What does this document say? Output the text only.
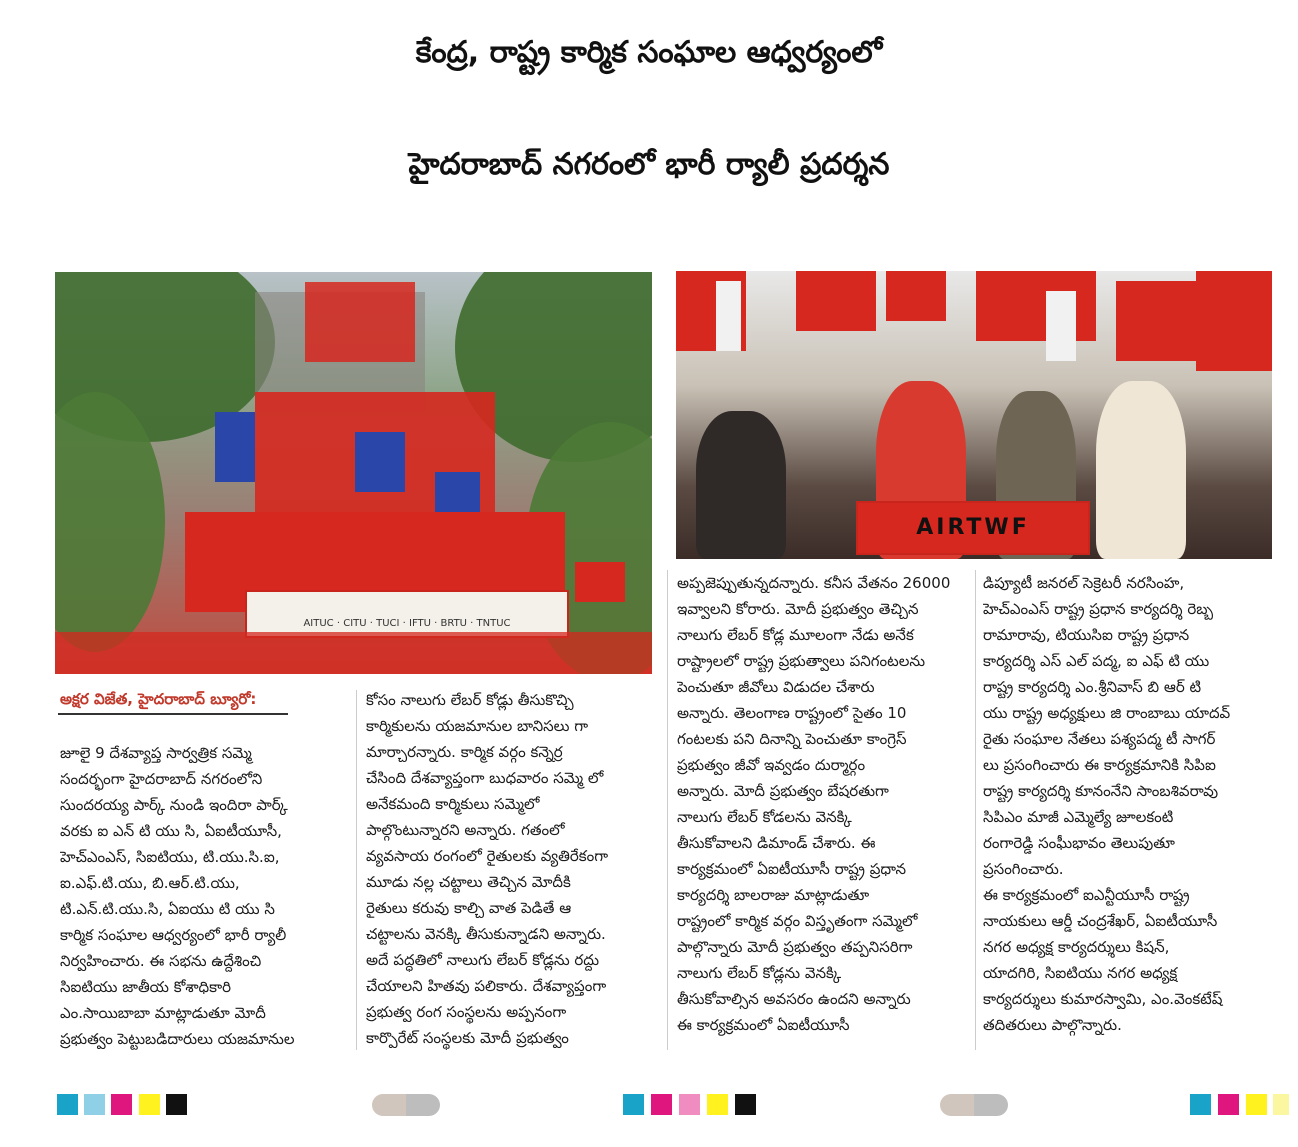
కేంద్ర, రాష్ట్ర కార్మిక సంఘాల ఆధ్వర్యంలో
హైదరాబాద్ నగరంలో భారీ ర్యాలీ ప్రదర్శన
AITUC · CITU · TUCI · IFTU · BRTU · TNTUC
AIRTWF
అక్షర విజేత, హైదరాబాద్ బ్యూరో:
జూలై 9 దేశవ్యాప్త సార్వత్రిక సమ్మె
సందర్భంగా హైదరాబాద్ నగరంలోని
సుందరయ్య పార్క్ నుండి ఇందిరా పార్క్
వరకు ఐ ఎన్ టి యు సి, ఏఐటీయూసీ,
హెచ్ఎంఎస్, సిఐటియు, టి.యు.సి.ఐ,
ఐ.ఎఫ్.టి.యు, బి.ఆర్.టి.యు,
టి.ఎన్.టి.యు.సి, ఏఐయు టి యు సి
కార్మిక సంఘాల ఆధ్వర్యంలో భారీ ర్యాలీ
నిర్వహించారు. ఈ సభను ఉద్దేశించి
సిఐటియు జాతీయ కోశాధికారి
ఎం.సాయిబాబా మాట్లాడుతూ మోదీ
ప్రభుత్వం పెట్టుబడిదారులు యజమానుల
కోసం నాలుగు లేబర్ కోడ్లు తీసుకొచ్చి
కార్మికులను యజమానుల బానిసలు గా
మార్చారన్నారు. కార్మిక వర్గం కన్నెర్ర
చేసింది దేశవ్యాప్తంగా బుధవారం సమ్మె లో
అనేకమంది కార్మికులు సమ్మెలో
పాల్గొంటున్నారని అన్నారు. గతంలో
వ్యవసాయ రంగంలో రైతులకు వ్యతిరేకంగా
మూడు నల్ల చట్టాలు తెచ్చిన మోదీకి
రైతులు కరువు కాల్చి వాత పెడితే ఆ
చట్టాలను వెనక్కి తీసుకున్నాడని అన్నారు.
అదే పద్ధతిలో నాలుగు లేబర్ కోడ్లను రద్దు
చేయాలని హితవు పలికారు. దేశవ్యాప్తంగా
ప్రభుత్వ రంగ సంస్థలను అప్పనంగా
కార్పొరేట్ సంస్థలకు మోదీ ప్రభుత్వం
అప్పజెప్పుతున్నదన్నారు. కనీస వేతనం 26000
ఇవ్వాలని కోరారు. మోదీ ప్రభుత్వం తెచ్చిన
నాలుగు లేబర్ కోడ్ల మూలంగా నేడు అనేక
రాష్ట్రాలలో రాష్ట్ర ప్రభుత్వాలు పనిగంటలను
పెంచుతూ జీవోలు విడుదల చేశారు
అన్నారు. తెలంగాణ రాష్ట్రంలో సైతం 10
గంటలకు పని దినాన్ని పెంచుతూ కాంగ్రెస్
ప్రభుత్వం జీవో ఇవ్వడం దుర్మార్గం
అన్నారు. మోదీ ప్రభుత్వం బేషరతుగా
నాలుగు లేబర్ కోడలను వెనక్కి
తీసుకోవాలని డిమాండ్ చేశారు. ఈ
కార్యక్రమంలో ఏఐటీయూసీ రాష్ట్ర ప్రధాన
కార్యదర్శి బాలరాజు మాట్లాడుతూ
రాష్ట్రంలో కార్మిక వర్గం విస్తృతంగా సమ్మెలో
పాల్గొన్నారు మోదీ ప్రభుత్వం తప్పనిసరిగా
నాలుగు లేబర్ కోడ్లను వెనక్కి
తీసుకోవాల్సిన అవసరం ఉందని అన్నారు
ఈ కార్యక్రమంలో ఏఐటీయూసీ
డిప్యూటీ జనరల్ సెక్రెటరీ నరసింహ,
హెచ్ఎంఎస్ రాష్ట్ర ప్రధాన కార్యదర్శి రెబ్బ
రామారావు, టియుసిఐ రాష్ట్ర ప్రధాన
కార్యదర్శి ఎస్ ఎల్ పద్మ, ఐ ఎఫ్ టి యు
రాష్ట్ర కార్యదర్శి ఎం.శ్రీనివాస్ బి ఆర్ టి
యు రాష్ట్ర అధ్యక్షులు జి రాంబాబు యాదవ్
రైతు సంఘాల నేతలు పశ్యపద్మ టీ సాగర్
లు ప్రసంగించారు ఈ కార్యక్రమానికి సిపిఐ
రాష్ట్ర కార్యదర్శి కూనంనేని సాంబశివరావు
సిపిఎం మాజీ ఎమ్మెల్యే జూలకంటి
రంగారెడ్డి సంఘీభావం తెలుపుతూ
ప్రసంగించారు.
ఈ కార్యక్రమంలో ఐఎన్టీయూసీ రాష్ట్ర
నాయకులు ఆర్డీ చంద్రశేఖర్, ఏఐటీయూసీ
నగర అధ్యక్ష కార్యదర్శులు కిషన్,
యాదగిరి, సిఐటియు నగర అధ్యక్ష
కార్యదర్శులు కుమారస్వామి, ఎం.వెంకటేష్
తదితరులు పాల్గొన్నారు.
